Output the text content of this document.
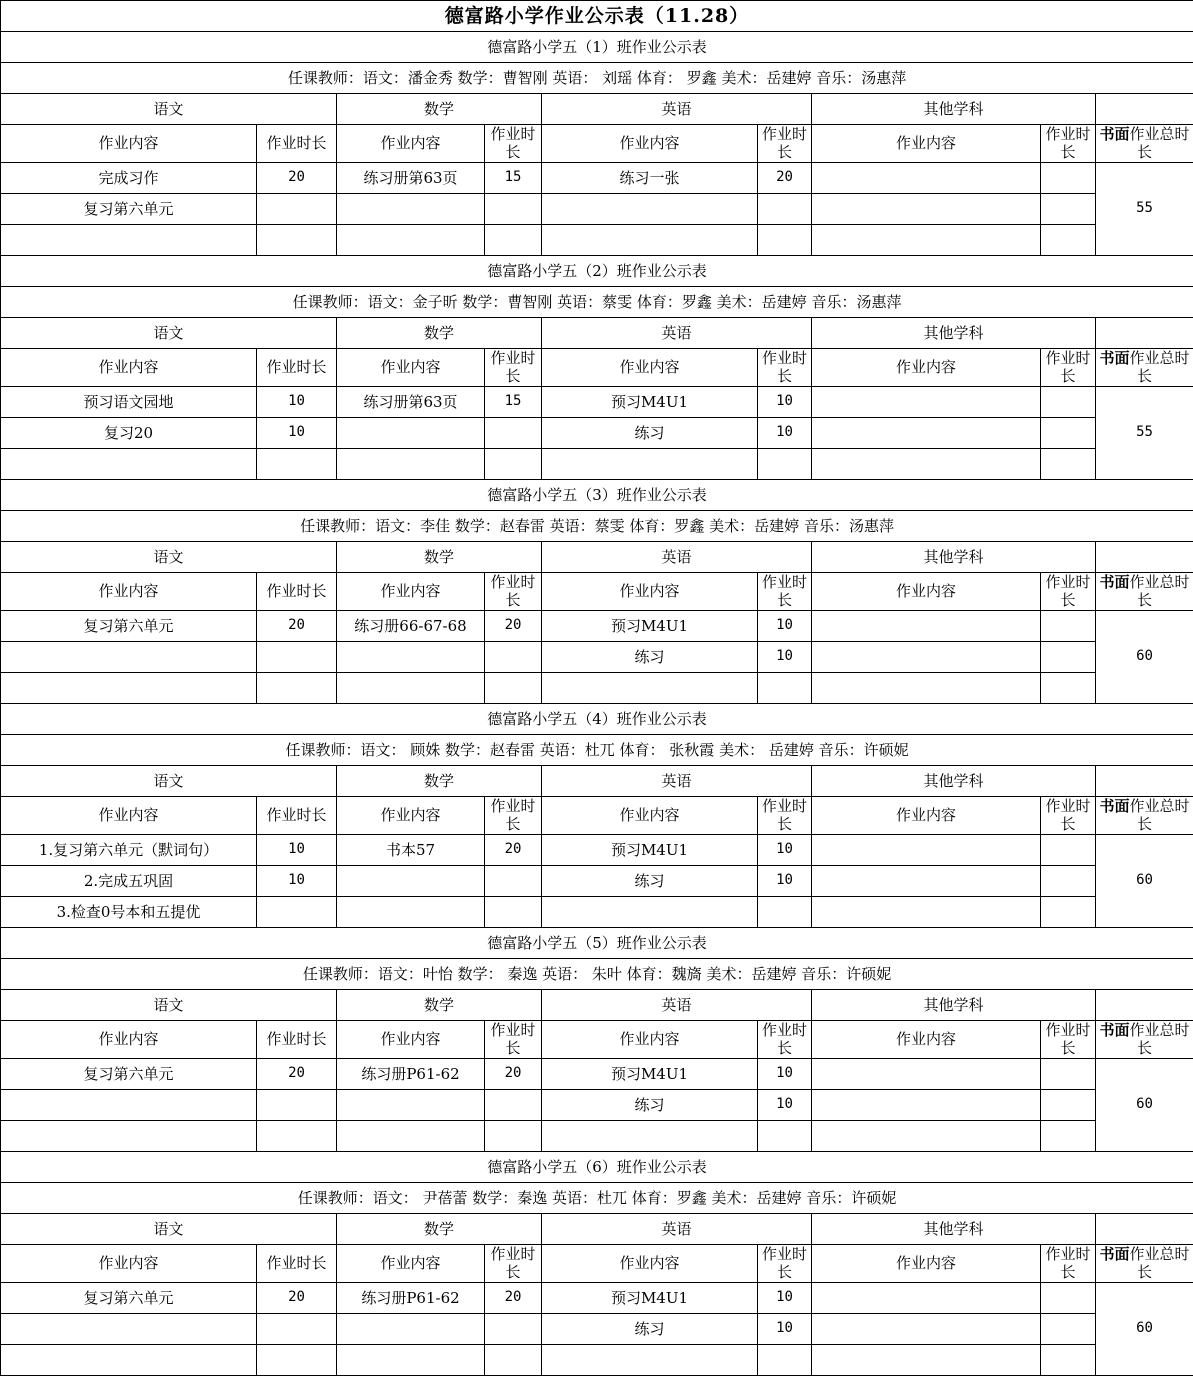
德富路小学作业公示表（11.28）								
德富路小学五（1）班作业公示表								
任课教师：语文：潘金秀 数学：曹智刚 英语： 刘瑶 体育： 罗鑫 美术：岳建婷 音乐：汤惠萍								
语文		数学		英语		其他学科		
作业内容	作业时长	作业内容	作业时长	作业内容	作业时长	作业内容	作业时长	书面作业总时长
完成习作	20	练习册第63页	15	练习一张	20			55
复习第六单元								

德富路小学五（2）班作业公示表								
任课教师：语文：金子昕 数学：曹智刚 英语：蔡雯 体育：罗鑫 美术：岳建婷 音乐：汤惠萍								
语文		数学		英语		其他学科		
作业内容	作业时长	作业内容	作业时长	作业内容	作业时长	作业内容	作业时长	书面作业总时长
预习语文园地	10	练习册第63页	15	预习M4U1	10			55
复习20	10			练习	10			

德富路小学五（3）班作业公示表								
任课教师：语文：李佳 数学：赵春雷 英语：蔡雯 体育：罗鑫 美术：岳建婷 音乐：汤惠萍								
语文		数学		英语		其他学科		
作业内容	作业时长	作业内容	作业时长	作业内容	作业时长	作业内容	作业时长	书面作业总时长
复习第六单元	20	练习册66-67-68	20	预习M4U1	10			60
				练习	10			

德富路小学五（4）班作业公示表								
任课教师：语文： 顾姝 数学：赵春雷 英语：杜兀 体育： 张秋霞 美术： 岳建婷 音乐：许硕妮								
语文		数学		英语		其他学科		
作业内容	作业时长	作业内容	作业时长	作业内容	作业时长	作业内容	作业时长	书面作业总时长
1.复习第六单元（默词句）	10	书本57	20	预习M4U1	10			60
2.完成五巩固	10			练习	10			
3.检查0号本和五提优								
德富路小学五（5）班作业公示表								
任课教师：语文：叶怡 数学： 秦逸 英语： 朱叶 体育：魏旖 美术：岳建婷 音乐：许硕妮								
语文		数学		英语		其他学科		
作业内容	作业时长	作业内容	作业时长	作业内容	作业时长	作业内容	作业时长	书面作业总时长
复习第六单元	20	练习册P61-62	20	预习M4U1	10			60
				练习	10			

德富路小学五（6）班作业公示表								
任课教师：语文： 尹蓓蕾 数学：秦逸 英语：杜兀 体育：罗鑫 美术：岳建婷 音乐：许硕妮								
语文		数学		英语		其他学科		
作业内容	作业时长	作业内容	作业时长	作业内容	作业时长	作业内容	作业时长	书面作业总时长
复习第六单元	20	练习册P61-62	20	预习M4U1	10			60
				练习	10			
